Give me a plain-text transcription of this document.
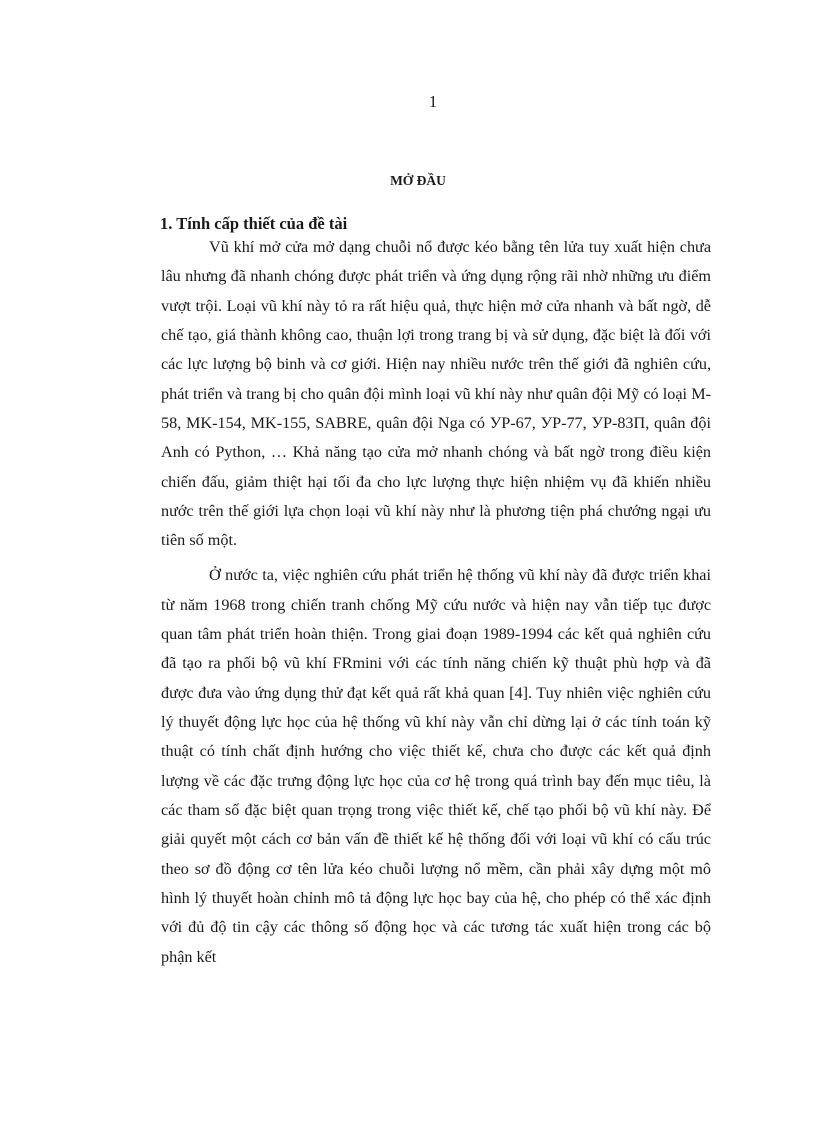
1
MỞ ĐẦU
1. Tính cấp thiết của đề tài

Vũ khí mở cửa mở dạng chuỗi nổ được kéo bằng tên lửa tuy xuất hiện chưa lâu nhưng đã nhanh chóng được phát triển và ứng dụng rộng rãi nhờ những ưu điểm vượt trội. Loại vũ khí này tỏ ra rất hiệu quả, thực hiện mở cửa nhanh và bất ngờ, dễ chế tạo, giá thành không cao, thuận lợi trong trang bị và sử dụng, đặc biệt là đối với các lực lượng bộ binh và cơ giới. Hiện nay nhiều nước trên thế giới đã nghiên cứu, phát triển và trang bị cho quân đội mình loại vũ khí này như quân đội Mỹ có loại M-58, MK-154, MK-155, SABRE, quân đội Nga có УР-67, УР-77, УР-83П, quân đội Anh có Python, … Khả năng tạo cửa mở nhanh chóng và bất ngờ trong điều kiện chiến đấu, giảm thiệt hại tối đa cho lực lượng thực hiện nhiệm vụ đã khiến nhiều nước trên thế giới lựa chọn loại vũ khí này như là phương tiện phá chướng ngại ưu tiên số một.

Ở nước ta, việc nghiên cứu phát triển hệ thống vũ khí này đã được triển khai từ năm 1968 trong chiến tranh chống Mỹ cứu nước và hiện nay vẫn tiếp tục được quan tâm phát triển hoàn thiện. Trong giai đoạn 1989-1994 các kết quả nghiên cứu đã tạo ra phối bộ vũ khí FRmini với các tính năng chiến kỹ thuật phù hợp và đã được đưa vào ứng dụng thử đạt kết quả rất khả quan [4]. Tuy nhiên việc nghiên cứu lý thuyết động lực học của hệ thống vũ khí này vẫn chỉ dừng lại ở các tính toán kỹ thuật có tính chất định hướng cho việc thiết kế, chưa cho được các kết quả định lượng về các đặc trưng động lực học của cơ hệ trong quá trình bay đến mục tiêu, là các tham số đặc biệt quan trọng trong việc thiết kế, chế tạo phối bộ vũ khí này. Để giải quyết một cách cơ bản vấn đề thiết kế hệ thống đối với loại vũ khí có cấu trúc theo sơ đồ động cơ tên lửa kéo chuỗi lượng nổ mềm, cần phải xây dựng một mô hình lý thuyết hoàn chỉnh mô tả động lực học bay của hệ, cho phép có thể xác định với đủ độ tin cậy các thông số động học và các tương tác xuất hiện trong các bộ phận kết
